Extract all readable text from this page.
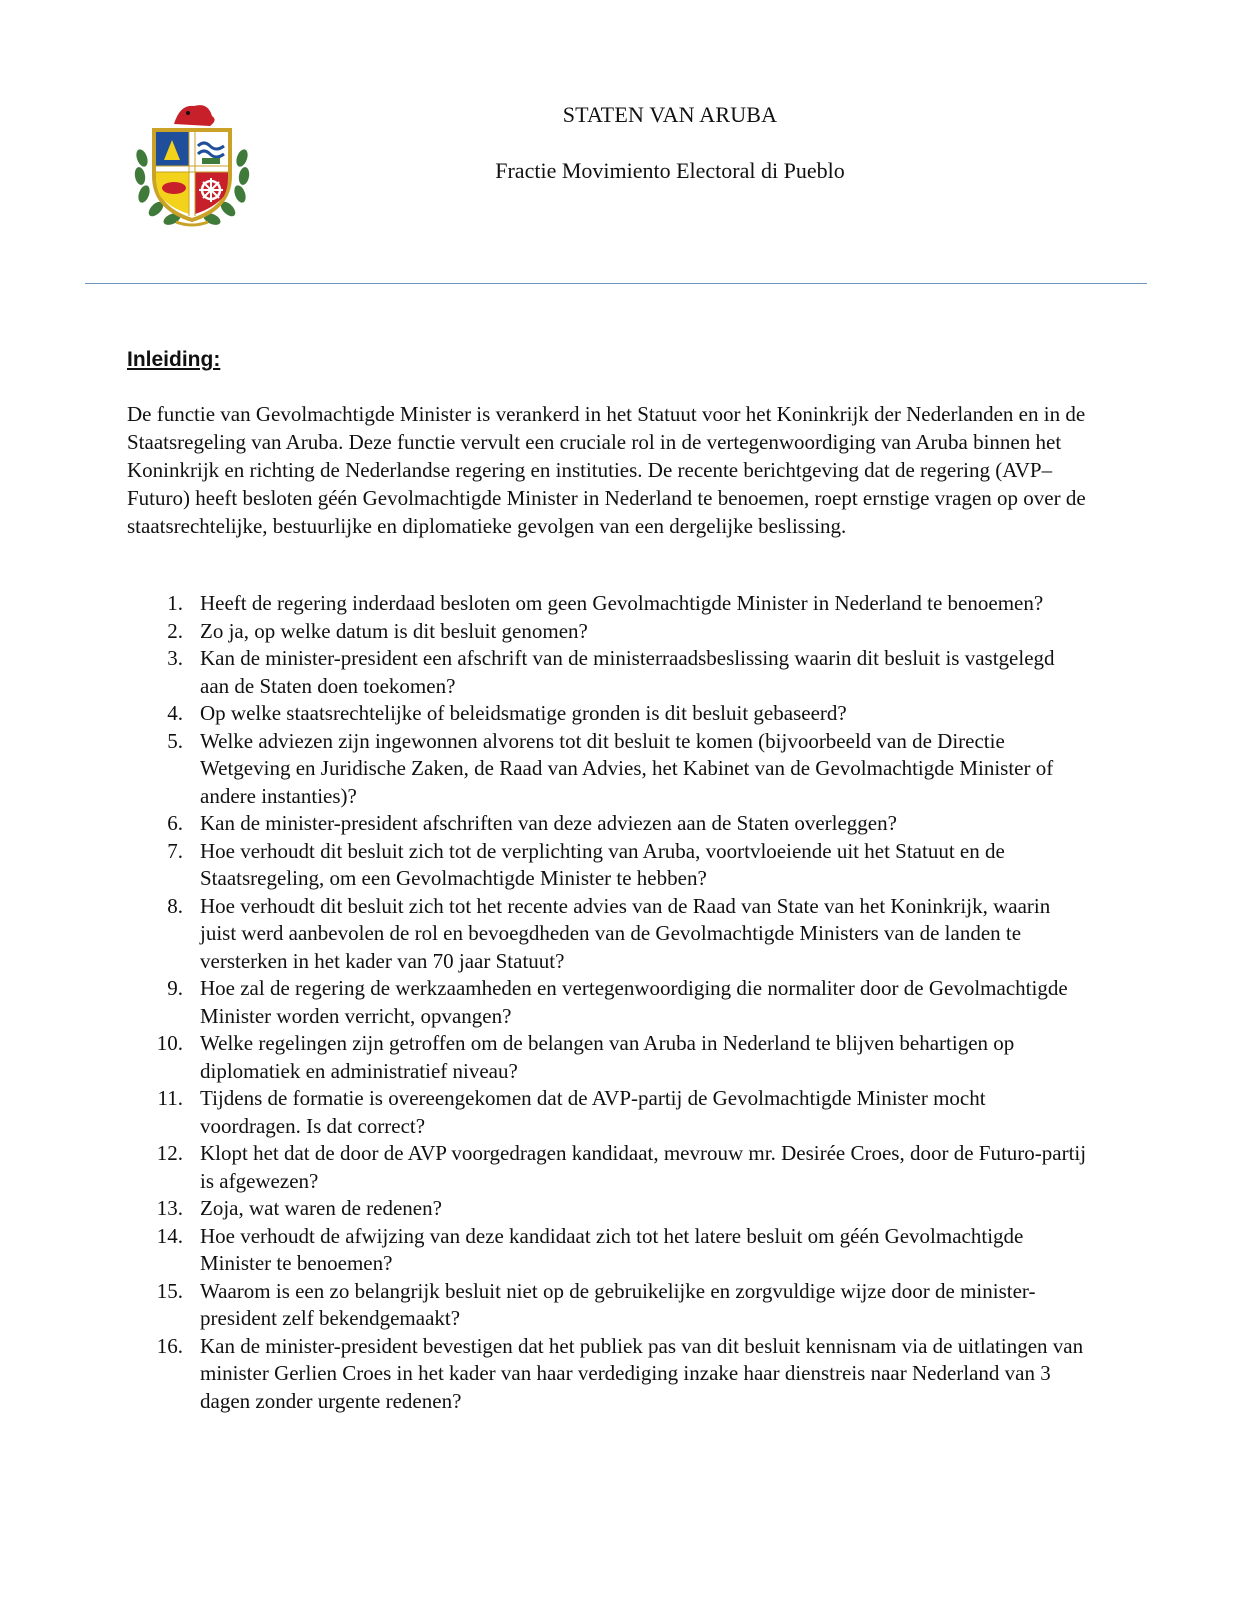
STATEN VAN ARUBA
Fractie Movimiento Electoral di Pueblo
Inleiding:

De functie van Gevolmachtigde Minister is verankerd in het Statuut voor het Koninkrijk der Nederlanden en in de Staatsregeling van Aruba. Deze functie vervult een cruciale rol in de vertegenwoordiging van Aruba binnen het Koninkrijk en richting de Nederlandse regering en instituties. De recente berichtgeving dat de regering (AVP–Futuro) heeft besloten géén Gevolmachtigde Minister in Nederland te benoemen, roept ernstige vragen op over de staatsrechtelijke, bestuurlijke en diplomatieke gevolgen van een dergelijke beslissing.

1. Heeft de regering inderdaad besloten om geen Gevolmachtigde Minister in Nederland te benoemen?
2. Zo ja, op welke datum is dit besluit genomen?
3. Kan de minister-president een afschrift van de ministerraadsbeslissing waarin dit besluit is vastgelegd aan de Staten doen toekomen?
4. Op welke staatsrechtelijke of beleidsmatige gronden is dit besluit gebaseerd?
5. Welke adviezen zijn ingewonnen alvorens tot dit besluit te komen (bijvoorbeeld van de Directie Wetgeving en Juridische Zaken, de Raad van Advies, het Kabinet van de Gevolmachtigde Minister of andere instanties)?
6. Kan de minister-president afschriften van deze adviezen aan de Staten overleggen?
7. Hoe verhoudt dit besluit zich tot de verplichting van Aruba, voortvloeiende uit het Statuut en de Staatsregeling, om een Gevolmachtigde Minister te hebben?
8. Hoe verhoudt dit besluit zich tot het recente advies van de Raad van State van het Koninkrijk, waarin juist werd aanbevolen de rol en bevoegdheden van de Gevolmachtigde Ministers van de landen te versterken in het kader van 70 jaar Statuut?
9. Hoe zal de regering de werkzaamheden en vertegenwoordiging die normaliter door de Gevolmachtigde Minister worden verricht, opvangen?
10. Welke regelingen zijn getroffen om de belangen van Aruba in Nederland te blijven behartigen op diplomatiek en administratief niveau?
11. Tijdens de formatie is overeengekomen dat de AVP-partij de Gevolmachtigde Minister mocht voordragen. Is dat correct?
12. Klopt het dat de door de AVP voorgedragen kandidaat, mevrouw mr. Desirée Croes, door de Futuro-partij is afgewezen?
13. Zoja, wat waren de redenen?
14. Hoe verhoudt de afwijzing van deze kandidaat zich tot het latere besluit om géén Gevolmachtigde Minister te benoemen?
15. Waarom is een zo belangrijk besluit niet op de gebruikelijke en zorgvuldige wijze door de minister-president zelf bekendgemaakt?
16. Kan de minister-president bevestigen dat het publiek pas van dit besluit kennisnam via de uitlatingen van minister Gerlien Croes in het kader van haar verdediging inzake haar dienstreis naar Nederland van 3 dagen zonder urgente redenen?
